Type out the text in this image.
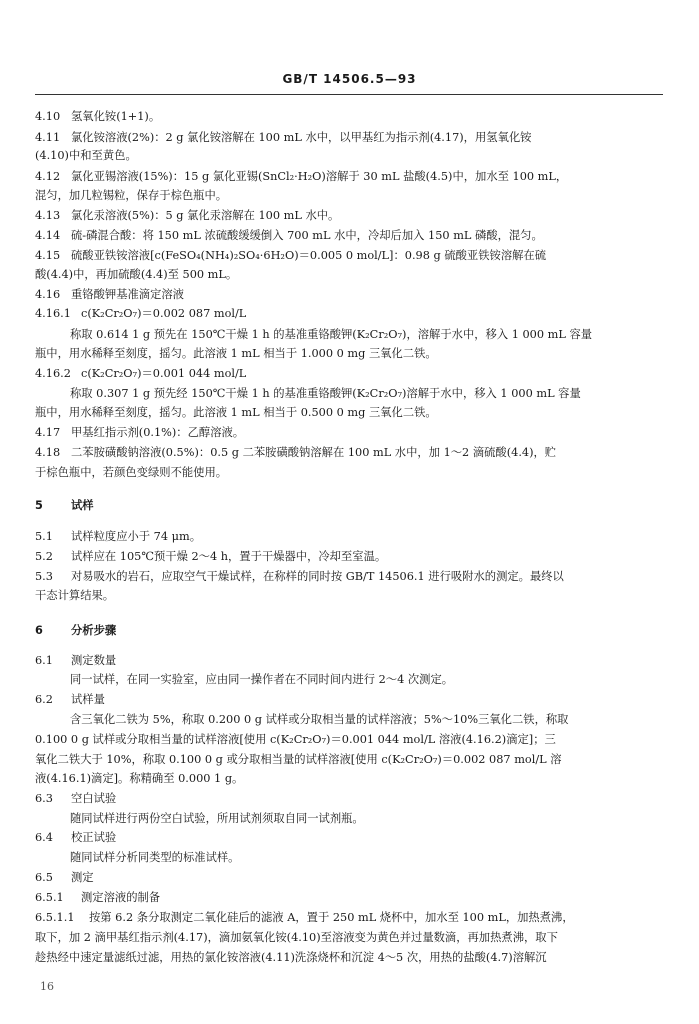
GB/T 14506.5—93
4.10 氢氧化铵(1+1)。
4.11 氯化铵溶液(2%)：2 g 氯化铵溶解在 100 mL 水中，以甲基红为指示剂(4.17)，用氢氧化铵
(4.10)中和至黄色。
4.12 氯化亚锡溶液(15%)：15 g 氯化亚锡(SnCl₂·H₂O)溶解于 30 mL 盐酸(4.5)中，加水至 100 mL，
混匀，加几粒锡粒，保存于棕色瓶中。
4.13 氯化汞溶液(5%)：5 g 氯化汞溶解在 100 mL 水中。
4.14 硫-磷混合酸：将 150 mL 浓硫酸缓缓倒入 700 mL 水中，冷却后加入 150 mL 磷酸，混匀。
4.15 硫酸亚铁铵溶液[c(FeSO₄(NH₄)₂SO₄·6H₂O)＝0.005 0 mol/L]：0.98 g 硫酸亚铁铵溶解在硫
酸(4.4)中，再加硫酸(4.4)至 500 mL。
4.16 重铬酸钾基准滴定溶液
4.16.1 c(K₂Cr₂O₇)＝0.002 087 mol/L
称取 0.614 1 g 预先在 150℃干燥 1 h 的基准重铬酸钾(K₂Cr₂O₇)，溶解于水中，移入 1 000 mL 容量
瓶中，用水稀释至刻度，摇匀。此溶液 1 mL 相当于 1.000 0 mg 三氧化二铁。
4.16.2 c(K₂Cr₂O₇)＝0.001 044 mol/L
称取 0.307 1 g 预先经 150℃干燥 1 h 的基准重铬酸钾(K₂Cr₂O₇)溶解于水中，移入 1 000 mL 容量
瓶中，用水稀释至刻度，摇匀。此溶液 1 mL 相当于 0.500 0 mg 三氧化二铁。
4.17 甲基红指示剂(0.1%)：乙醇溶液。
4.18 二苯胺磺酸钠溶液(0.5%)：0.5 g 二苯胺磺酸钠溶解在 100 mL 水中，加 1～2 滴硫酸(4.4)，贮
于棕色瓶中，若颜色变绿则不能使用。
5 试样
5.1 试样粒度应小于 74 μm。
5.2 试样应在 105℃预干燥 2～4 h，置于干燥器中，冷却至室温。
5.3 对易吸水的岩石，应取空气干燥试样，在称样的同时按 GB/T 14506.1 进行吸附水的测定。最终以
干态计算结果。
6 分析步骤
6.1 测定数量
同一试样，在同一实验室，应由同一操作者在不同时间内进行 2～4 次测定。
6.2 试样量
含三氧化二铁为 5%，称取 0.200 0 g 试样或分取相当量的试样溶液；5%～10%三氧化二铁，称取
0.100 0 g 试样或分取相当量的试样溶液[使用 c(K₂Cr₂O₇)＝0.001 044 mol/L 溶液(4.16.2)滴定]；三
氧化二铁大于 10%，称取 0.100 0 g 或分取相当量的试样溶液[使用 c(K₂Cr₂O₇)＝0.002 087 mol/L 溶
液(4.16.1)滴定]。称精确至 0.000 1 g。
6.3 空白试验
随同试样进行两份空白试验，所用试剂须取自同一试剂瓶。
6.4 校正试验
随同试样分析同类型的标准试样。
6.5 测定
6.5.1 测定溶液的制备
6.5.1.1 按第 6.2 条分取测定二氧化硅后的滤液 A，置于 250 mL 烧杯中，加水至 100 mL，加热煮沸，
取下，加 2 滴甲基红指示剂(4.17)，滴加氨氧化铵(4.10)至溶液变为黄色并过量数滴，再加热煮沸，取下
趁热经中速定量滤纸过滤，用热的氯化铵溶液(4.11)洗涤烧杯和沉淀 4～5 次，用热的盐酸(4.7)溶解沉
16
